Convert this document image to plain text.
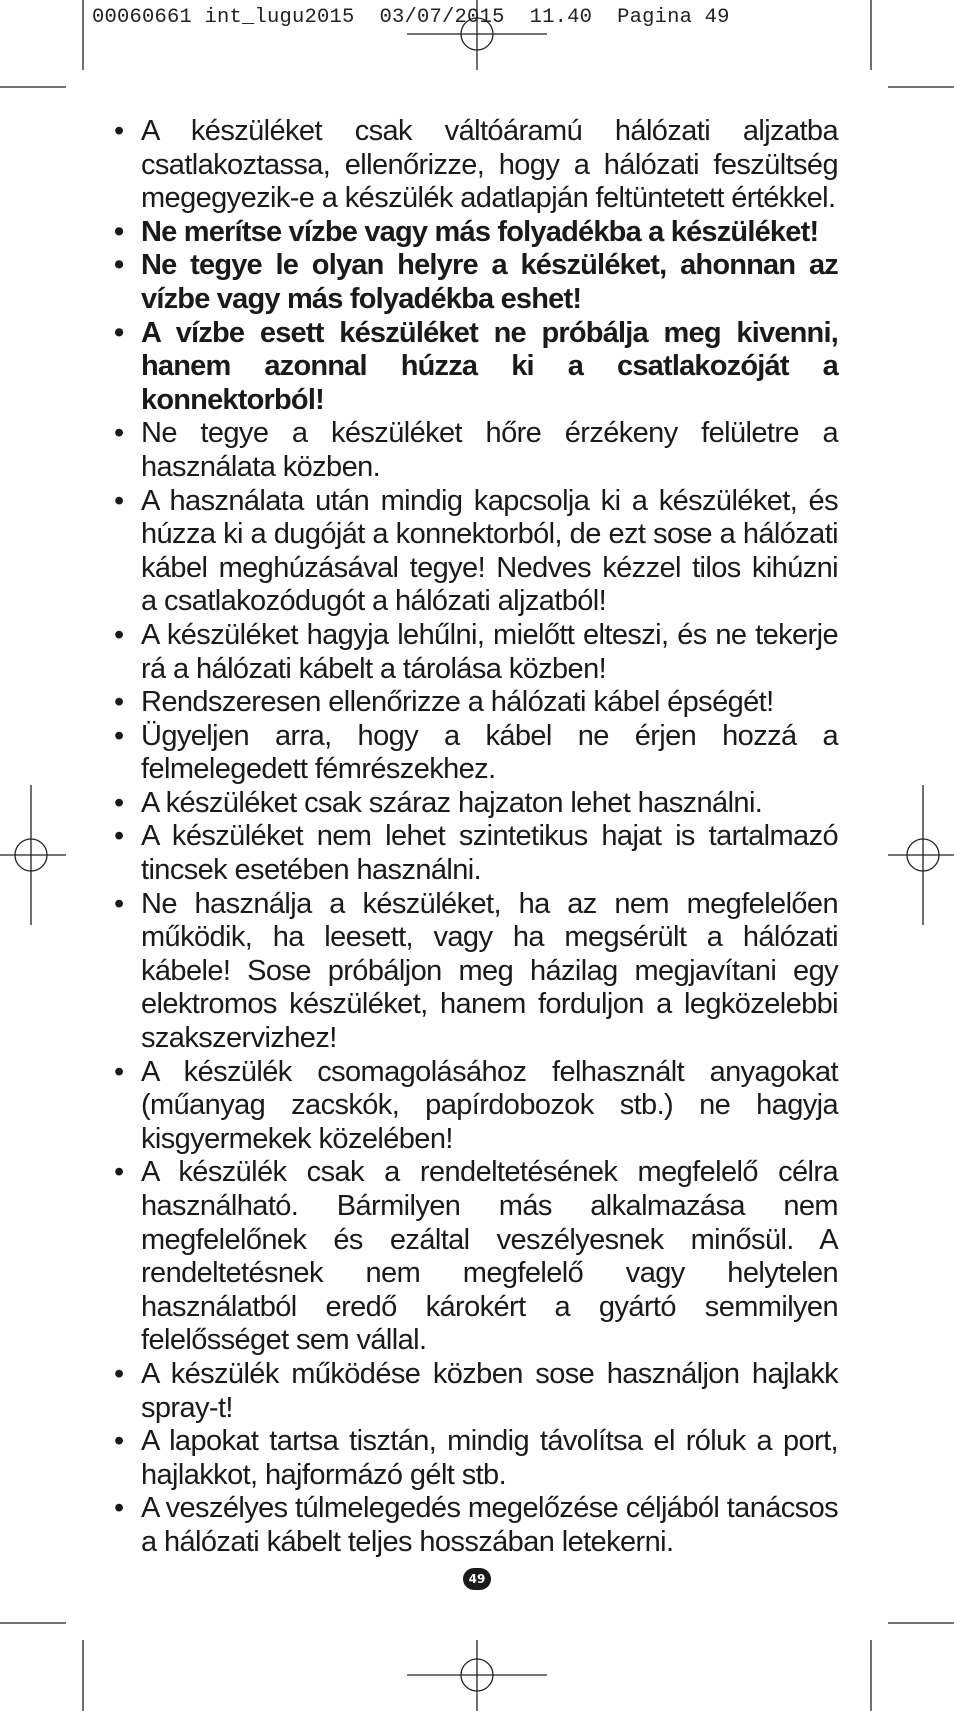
00060661 int_lugu2015  03/07/2015  11.40  Pagina 49
• A készüléket csak váltóáramú hálózati aljzatba csatlakoztassa, ellenőrizze, hogy a hálózati feszültség megegyezik-e a készülék adatlapján feltüntetett értékkel.
• Ne merítse vízbe vagy más folyadékba a készüléket!
• Ne tegye le olyan helyre a készüléket, ahonnan az vízbe vagy más folyadékba eshet!
• A vízbe esett készüléket ne próbálja meg kivenni, hanem azonnal húzza ki a csatlakozóját a konnektorból!
• Ne tegye a készüléket hőre érzékeny felületre a használata közben.
• A használata után mindig kapcsolja ki a készüléket, és húzza ki a dugóját a konnektorból, de ezt sose a hálózati kábel meghúzásával tegye! Nedves kézzel tilos kihúzni a csatlakozódugót a hálózati aljzatból!
• A készüléket hagyja lehűlni, mielőtt elteszi, és ne tekerje rá a hálózati kábelt a tárolása közben!
• Rendszeresen ellenőrizze a hálózati kábel épségét!
• Ügyeljen arra, hogy a kábel ne érjen hozzá a felmelegedett fémrészekhez.
• A készüléket csak száraz hajzaton lehet használni.
• A készüléket nem lehet szintetikus hajat is tartalmazó tincsek esetében használni.
• Ne használja a készüléket, ha az nem megfelelően működik, ha leesett, vagy ha megsérült a hálózati kábele! Sose próbáljon meg házilag megjavítani egy elektromos készüléket, hanem forduljon a legközelebbi szakszervizhez!
• A készülék csomagolásához felhasznált anyagokat (műanyag zacskók, papírdobozok stb.) ne hagyja kisgyermekek közelében!
• A készülék csak a rendeltetésének megfelelő célra használható. Bármilyen más alkalmazása nem megfelelőnek és ezáltal veszélyesnek minősül. A rendeltetésnek nem megfelelő vagy helytelen használatból eredő károkért a gyártó semmilyen felelősséget sem vállal.
• A készülék működése közben sose használjon hajlakk spray-t!
• A lapokat tartsa tisztán, mindig távolítsa el róluk a port, hajlakkot, hajformázó gélt stb.
• A veszélyes túlmelegedés megelőzése céljából tanácsos a hálózati kábelt teljes hosszában letekerni.
49
